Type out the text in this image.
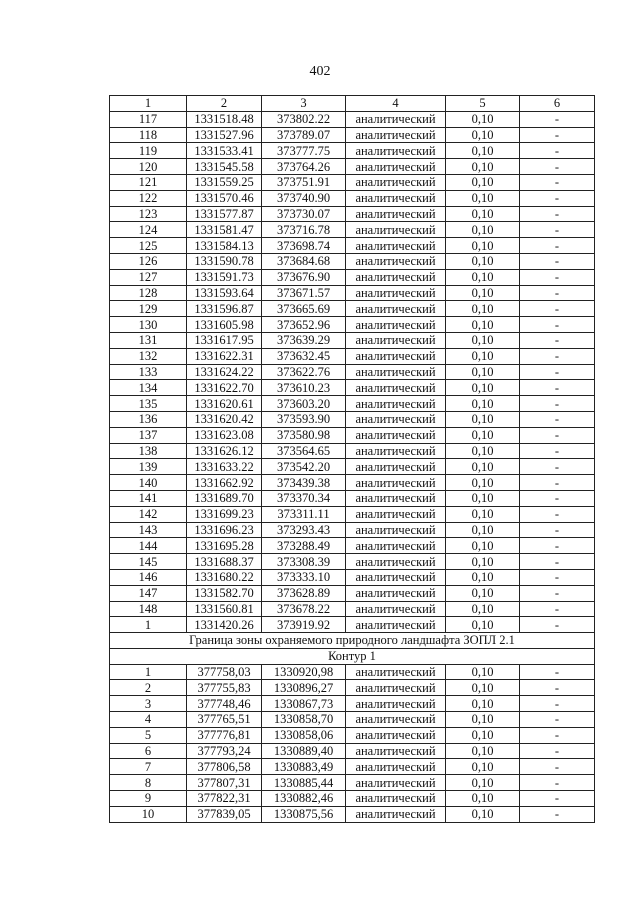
402
1	2	3	4	5	6
117	1331518.48	373802.22	аналитический	0,10	-
118	1331527.96	373789.07	аналитический	0,10	-
119	1331533.41	373777.75	аналитический	0,10	-
120	1331545.58	373764.26	аналитический	0,10	-
121	1331559.25	373751.91	аналитический	0,10	-
122	1331570.46	373740.90	аналитический	0,10	-
123	1331577.87	373730.07	аналитический	0,10	-
124	1331581.47	373716.78	аналитический	0,10	-
125	1331584.13	373698.74	аналитический	0,10	-
126	1331590.78	373684.68	аналитический	0,10	-
127	1331591.73	373676.90	аналитический	0,10	-
128	1331593.64	373671.57	аналитический	0,10	-
129	1331596.87	373665.69	аналитический	0,10	-
130	1331605.98	373652.96	аналитический	0,10	-
131	1331617.95	373639.29	аналитический	0,10	-
132	1331622.31	373632.45	аналитический	0,10	-
133	1331624.22	373622.76	аналитический	0,10	-
134	1331622.70	373610.23	аналитический	0,10	-
135	1331620.61	373603.20	аналитический	0,10	-
136	1331620.42	373593.90	аналитический	0,10	-
137	1331623.08	373580.98	аналитический	0,10	-
138	1331626.12	373564.65	аналитический	0,10	-
139	1331633.22	373542.20	аналитический	0,10	-
140	1331662.92	373439.38	аналитический	0,10	-
141	1331689.70	373370.34	аналитический	0,10	-
142	1331699.23	373311.11	аналитический	0,10	-
143	1331696.23	373293.43	аналитический	0,10	-
144	1331695.28	373288.49	аналитический	0,10	-
145	1331688.37	373308.39	аналитический	0,10	-
146	1331680.22	373333.10	аналитический	0,10	-
147	1331582.70	373628.89	аналитический	0,10	-
148	1331560.81	373678.22	аналитический	0,10	-
1	1331420.26	373919.92	аналитический	0,10	-
Граница зоны охраняемого природного ландшафта ЗОПЛ 2.1					
Контур 1					
1	377758,03	1330920,98	аналитический	0,10	-
2	377755,83	1330896,27	аналитический	0,10	-
3	377748,46	1330867,73	аналитический	0,10	-
4	377765,51	1330858,70	аналитический	0,10	-
5	377776,81	1330858,06	аналитический	0,10	-
6	377793,24	1330889,40	аналитический	0,10	-
7	377806,58	1330883,49	аналитический	0,10	-
8	377807,31	1330885,44	аналитический	0,10	-
9	377822,31	1330882,46	аналитический	0,10	-
10	377839,05	1330875,56	аналитический	0,10	-
